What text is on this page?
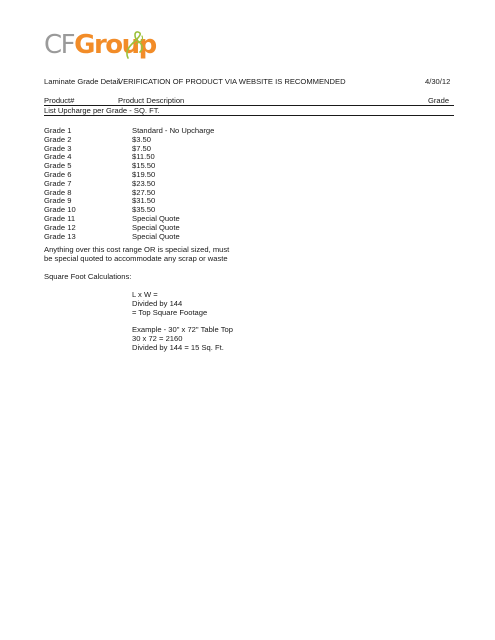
CFGroup
Laminate Grade Detail
VERIFICATION OF PRODUCT VIA WEBSITE IS RECOMMENDED	4/30/12
Product#	Product Description	Grade
List Upcharge per Grade - SQ. FT.
Grade 1	Standard - No Upcharge
Grade 2	$3.50
Grade 3	$7.50
Grade 4	$11.50
Grade 5	$15.50
Grade 6	$19.50
Grade 7	$23.50
Grade 8	$27.50
Grade 9	$31.50
Grade 10	$35.50
Grade 11	Special Quote
Grade 12	Special Quote
Grade 13	Special Quote
Anything over this cost range OR is special sized, must
be special quoted to accommodate any scrap or waste
Square Foot Calculations:
L x W =
Divided by 144
= Top Square Footage
Example - 30" x 72" Table Top
30 x 72 = 2160
Divided by 144 = 15 Sq. Ft.
